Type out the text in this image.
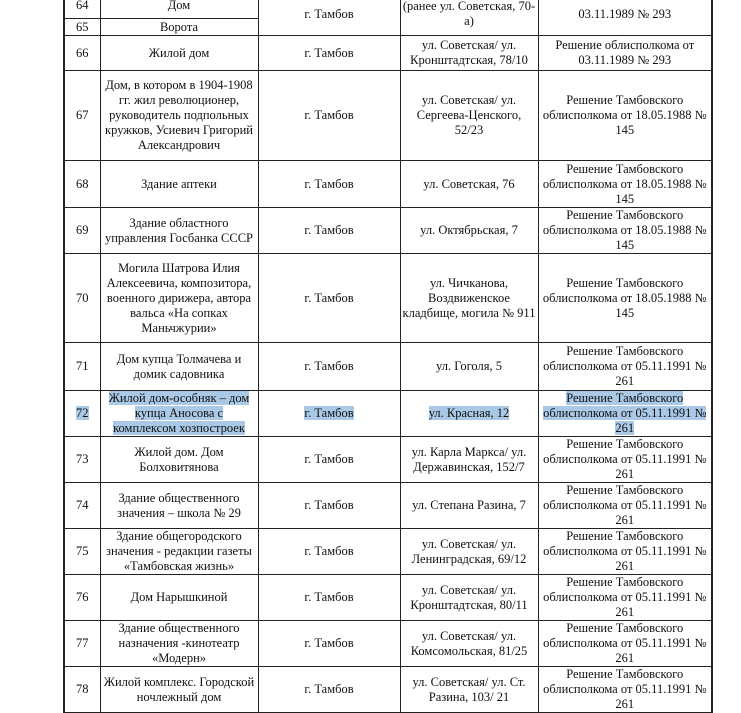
64	Дом	г. Тамбов	(ранее ул. Советская, 70-а)	03.11.1989 № 293
65	Ворота			
66	Жилой дом	г. Тамбов	ул. Советская/ ул. Кронштадтская, 78/10	Решение облисполкома от 03.11.1989 № 293
67	Дом, в котором в 1904-1908 гг. жил революционер, руководитель подпольных кружков, Усиевич Григорий Александрович	г. Тамбов	ул. Советская/ ул. Сергеева-Ценского, 52/23	Решение Тамбовского облисполкома от 18.05.1988 № 145
68	Здание аптеки	г. Тамбов	ул. Советская, 76	Решение Тамбовского облисполкома от 18.05.1988 № 145
69	Здание областного управления Госбанка СССР	г. Тамбов	ул. Октябрьская, 7	Решение Тамбовского облисполкома от 18.05.1988 № 145
70	Могила Шатрова Илия Алексеевича, композитора, военного дирижера, автора вальса «На сопках Маньчжурии»	г. Тамбов	ул. Чичканова, Воздвиженское кладбище, могила № 911	Решение Тамбовского облисполкома от 18.05.1988 № 145
71	Дом купца Толмачева и домик садовника	г. Тамбов	ул. Гоголя, 5	Решение Тамбовского облисполкома от 05.11.1991 № 261
72	Жилой дом-особняк – дом купца Аносова с комплексом хозпостроек	г. Тамбов	ул. Красная, 12	Решение Тамбовского облисполкома от 05.11.1991 № 261
73	Жилой дом. Дом Болховитянова	г. Тамбов	ул. Карла Маркса/ ул. Державинская, 152/7	Решение Тамбовского облисполкома от 05.11.1991 № 261
74	Здание общественного значения – школа № 29	г. Тамбов	ул. Степана Разина, 7	Решение Тамбовского облисполкома от 05.11.1991 № 261
75	Здание общегородского значения - редакции газеты «Тамбовская жизнь»	г. Тамбов	ул. Советская/ ул. Ленинградская, 69/12	Решение Тамбовского облисполкома от 05.11.1991 № 261
76	Дом Нарышкиной	г. Тамбов	ул. Советская/ ул. Кронштадтская, 80/11	Решение Тамбовского облисполкома от 05.11.1991 № 261
77	Здание общественного назначения -кинотеатр «Модерн»	г. Тамбов	ул. Советская/ ул. Комсомольская, 81/25	Решение Тамбовского облисполкома от 05.11.1991 № 261
78	Жилой комплекс. Городской ночлежный дом	г. Тамбов	ул. Советская/ ул. Ст. Разина, 103/ 21	Решение Тамбовского облисполкома от 05.11.1991 № 261
